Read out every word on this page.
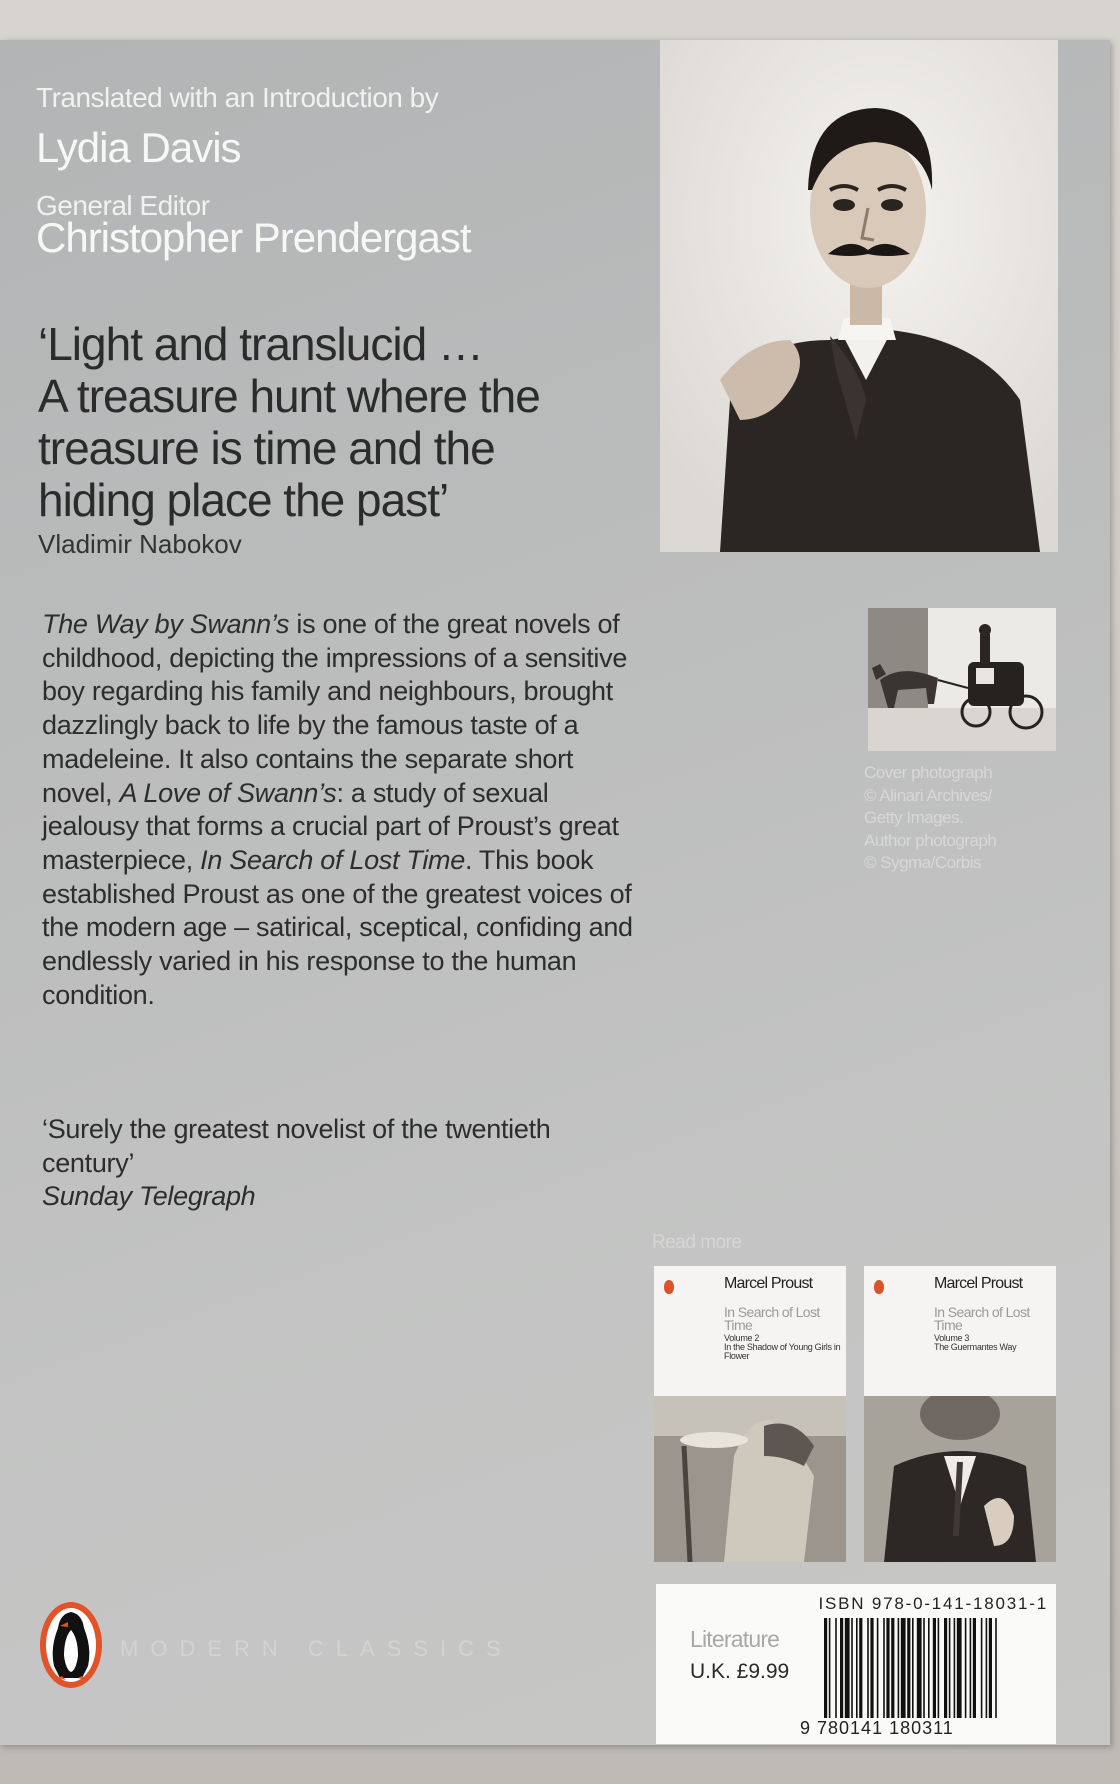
Translated with an Introduction by

Lydia Davis

General Editor

Christopher Prendergast

‘Light and translucid …
A treasure hunt where the
treasure is time and the
hiding place the past’

Vladimir Nabokov

The Way by Swann’s is one of the great novels of childhood, depicting the impressions of a sensitive boy regarding his family and neighbours, brought dazzlingly back to life by the famous taste of a madeleine. It also contains the separate short novel, A Love of Swann’s: a study of sexual jealousy that forms a crucial part of Proust’s great masterpiece, In Search of Lost Time. This book established Proust as one of the greatest voices of the modern age – satirical, sceptical, confiding and endlessly varied in his response to the human condition.

‘Surely the greatest novelist of the twentieth century’
Sunday Telegraph

Cover photograph
© Alinari Archives/
Getty Images.
Author photograph
© Sygma/Corbis

Read more

Marcel Proust
In Search of Lost Time
Volume 2
In the Shadow of Young Girls in Flower
Marcel Proust
In Search of Lost Time
Volume 3
The Guermantes Way

ISBN 978-0-141-18031-1

Literature

U.K. £9.99

9 780141 180311

MODERN CLASSICS
